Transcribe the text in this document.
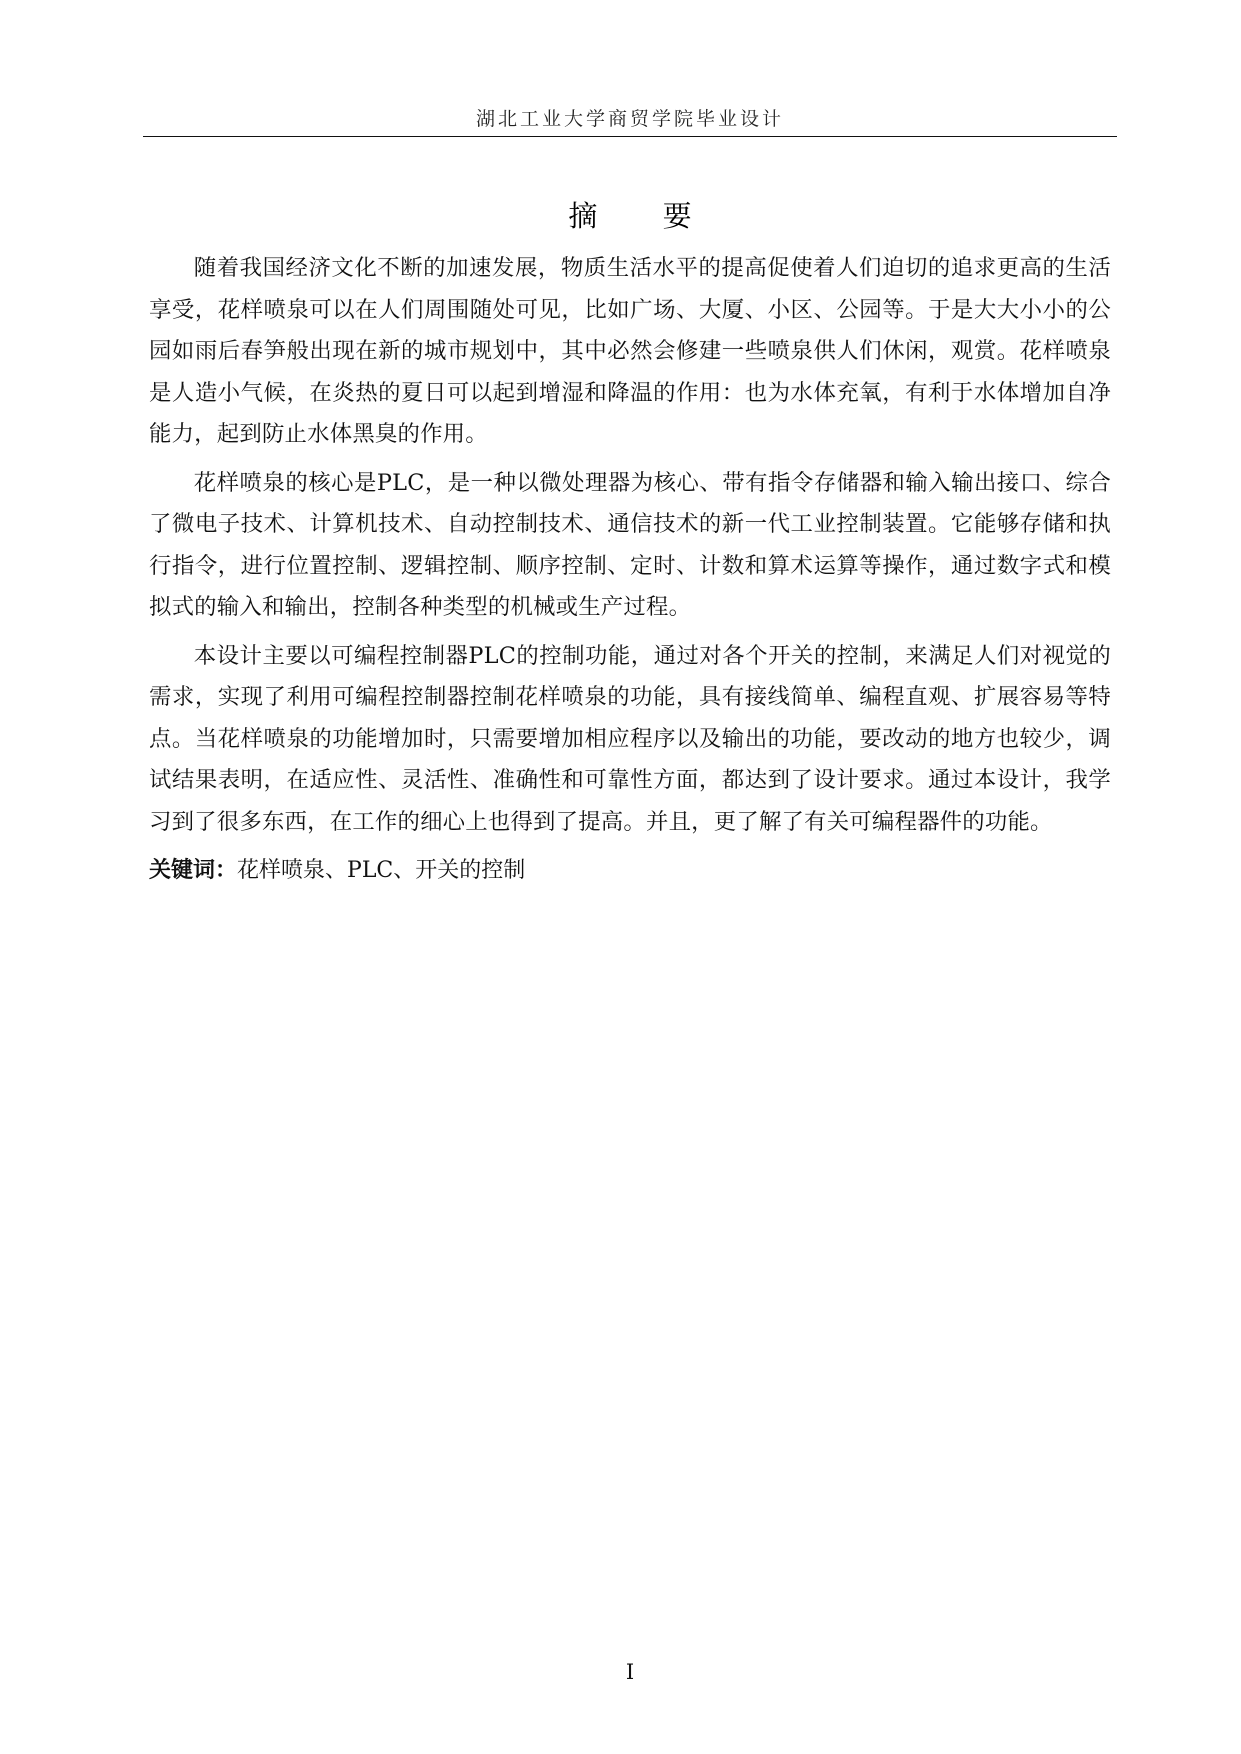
湖北工业大学商贸学院毕业设计
摘 要

随着我国经济文化不断的加速发展，物质生活水平的提高促使着人们迫切的追求更高的生活享受，花样喷泉可以在人们周围随处可见，比如广场、大厦、小区、公园等。于是大大小小的公园如雨后春笋般出现在新的城市规划中，其中必然会修建一些喷泉供人们休闲，观赏。花样喷泉是人造小气候，在炎热的夏日可以起到增湿和降温的作用：也为水体充氧，有利于水体增加自净能力，起到防止水体黑臭的作用。

花样喷泉的核心是PLC，是一种以微处理器为核心、带有指令存储器和输入输出接口、综合了微电子技术、计算机技术、自动控制技术、通信技术的新一代工业控制装置。它能够存储和执行指令，进行位置控制、逻辑控制、顺序控制、定时、计数和算术运算等操作，通过数字式和模拟式的输入和输出，控制各种类型的机械或生产过程。

本设计主要以可编程控制器PLC的控制功能，通过对各个开关的控制，来满足人们对视觉的需求，实现了利用可编程控制器控制花样喷泉的功能，具有接线简单、编程直观、扩展容易等特点。当花样喷泉的功能增加时，只需要增加相应程序以及输出的功能，要改动的地方也较少，调试结果表明，在适应性、灵活性、准确性和可靠性方面，都达到了设计要求。通过本设计，我学习到了很多东西，在工作的细心上也得到了提高。并且，更了解了有关可编程器件的功能。

关键词：花样喷泉、PLC、开关的控制

I
